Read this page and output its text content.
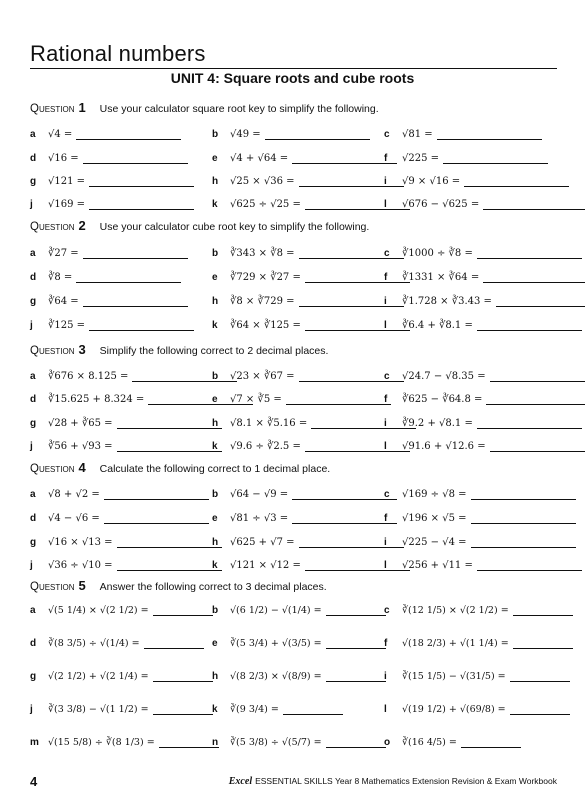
Rational numbers
UNIT 4: Square roots and cube roots
Question 1 Use your calculator square root key to simplify the following.
a	√4 =	b	√49 =	c	√81 =
d	√16 =	e	√4 + √64 =	f	√225 =
g	√121 =	h	√25 × √36 =	i	√9 × √16 =
j	√169 =	k	√625 ÷ √25 =	l	√676 − √625 =
Question 2 Use your calculator cube root key to simplify the following.
a	∛27 =	b	∛343 × ∛8 =	c	∛1000 ÷ ∛8 =
d	∛8 =	e	∛729 × ∛27 =	f	∛1331 × ∛64 =
g	∛64 =	h	∛8 × ∛729 =	i	∛1.728 × ∛3.43 =
j	∛125 =	k	∛64 × ∛125 =	l	∛6.4 + ∛8.1 =
Question 3 Simplify the following correct to 2 decimal places.
a	∛676 × 8.125 =	b	√23 × ∛67 =	c	√24.7 − √8.35 =
d	∛15.625 + 8.324 =	e	√7 × ∛5 =	f	∛625 − ∛64.8 =
g	√28 + ∛65 =	h	√8.1 × ∛5.16 =	i	∛9.2 + √8.1 =
j	∛56 + √93 =	k	√9.6 ÷ ∛2.5 =	l	√91.6 + √12.6 =
Question 4 Calculate the following correct to 1 decimal place.
a	√8 + √2 =	b	√64 − √9 =	c	√169 ÷ √8 =
d	√4 − √6 =	e	√81 ÷ √3 =	f	√196 × √5 =
g	√16 × √13 =	h	√625 + √7 =	i	√225 − √4 =
j	√36 ÷ √10 =	k	√121 × √12 =	l	√256 + √11 =
Question 5 Answer the following correct to 3 decimal places.
a	√(5 1/4) × √(2 1/2) =	b	√(6 1/2) − √(1/4) =	c	∛(12 1/5) × √(2 1/2) =
d	∛(8 3/5) ÷ √(1/4) =	e	∛(5 3/4) + √(3/5) =	f	√(18 2/3) + √(1 1/4) =
g	√(2 1/2) + √(2 1/4) =	h	√(8 2/3) × √(8/9) =	i	∛(15 1/5) − √(31/5) =
j	∛(3 3/8) − √(1 1/2) =	k	∛(9 3/4) =	l	√(19 1/2) + √(69/8) =
m √(15 5/8) ÷ ∛(8 1/3) =	n	∛(5 3/8) ÷ √(5/7) =	o	∛(16 4/5) =
4	Excel ESSENTIAL SKILLS Year 8 Mathematics Extension Revision & Exam Workbook
